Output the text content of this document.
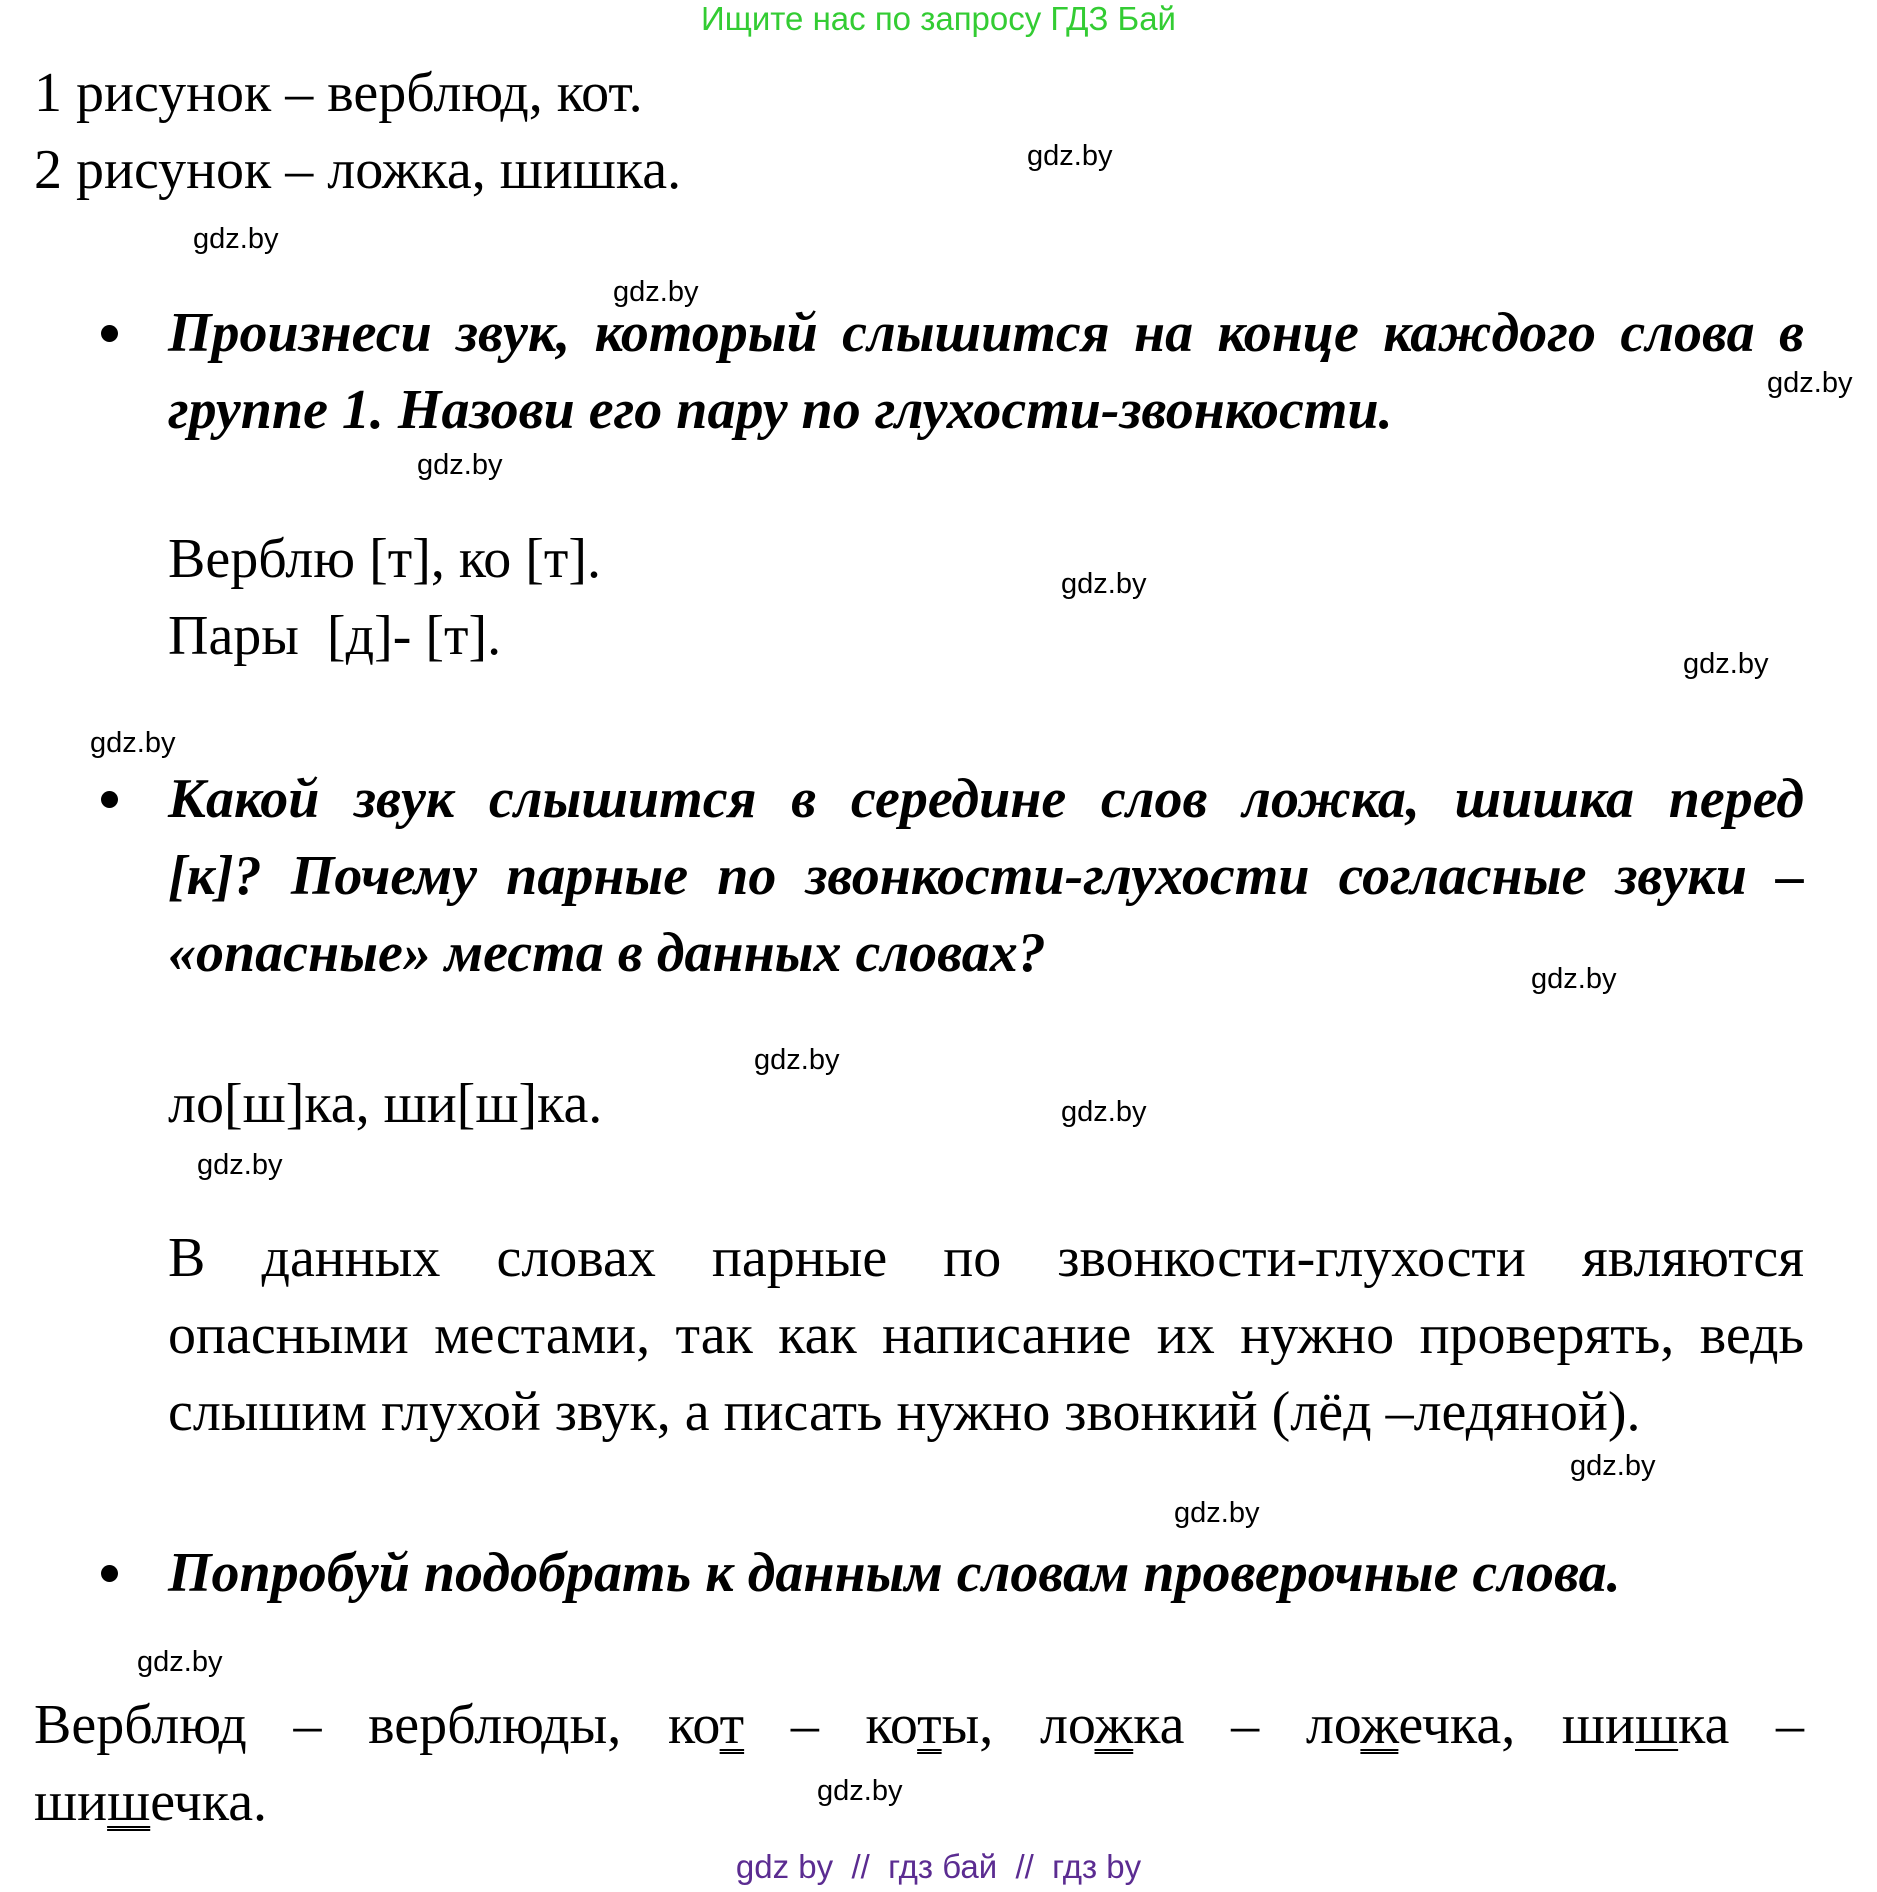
Ищите нас по запросу ГДЗ Бай
1 рисунок – верблюд, кот.
2 рисунок – ложка, шишка.
Произнеси звук, который слышится на конце каждого слова в
группе 1. Назови его пару по глухости-звонкости.
Верблю [т], ко [т].
Пары  [д]- [т].
Какой звук слышится в середине слов ложка, шишка перед
[к]? Почему парные по звонкости-глухости согласные звуки –
«опасные» места в данных словах?
ло[ш]ка, ши[ш]ка.
В данных словах парные по звонкости-глухости являются
опасными местами, так как написание их нужно проверять, ведь
слышим глухой звук, а писать нужно звонкий (лёд –ледяной).
Попробуй подобрать к данным словам проверочные слова.
Верблюд – верблюды, кот – коты, ложка – ложечка, шишка –
шишечка.
gdz.by
gdz.by
gdz.by
gdz.by
gdz.by
gdz.by
gdz.by
gdz.by
gdz.by
gdz.by
gdz.by
gdz.by
gdz.by
gdz.by
gdz.by
gdz.by
gdz by  //  гдз бай  //  гдз by
